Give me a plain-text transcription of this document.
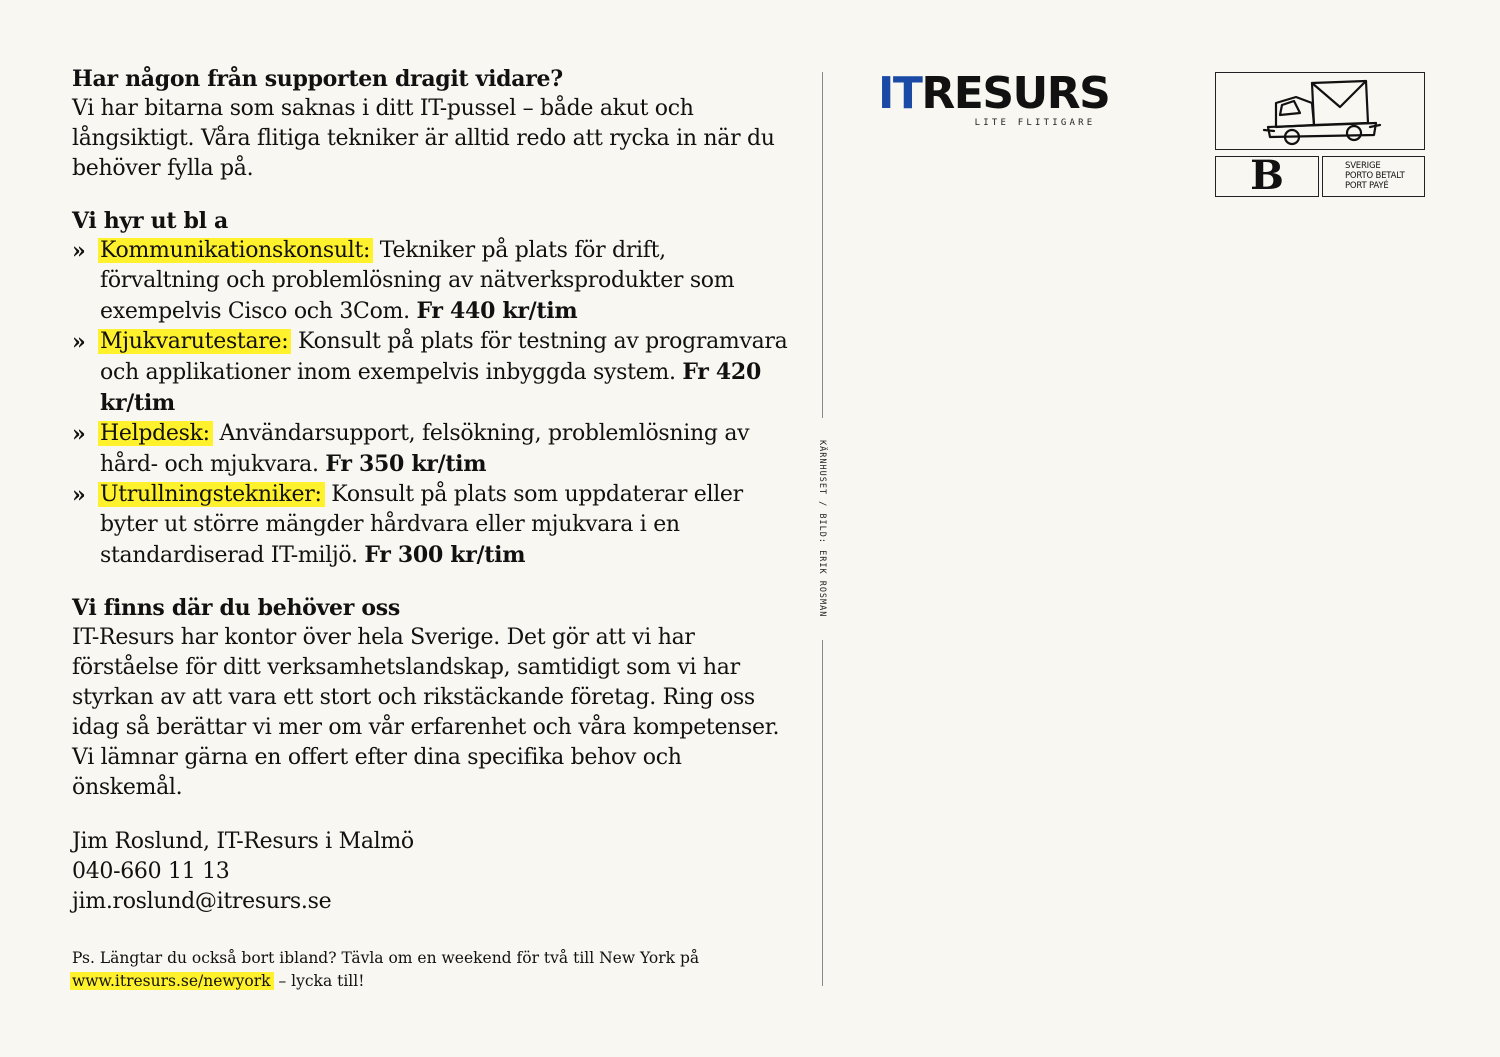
Har någon från supporten dragit vidare?

Vi har bitarna som saknas i ditt IT-pussel – både akut och långsiktigt. Våra flitiga tekniker är alltid redo att rycka in när du behöver fylla på.

Vi hyr ut bl a

» Kommunikationskonsult: Tekniker på plats för drift, förvaltning och problemlösning av nätverksprodukter som exempelvis Cisco och 3Com. Fr 440 kr/tim
» Mjukvarutestare: Konsult på plats för testning av programvara och applikationer inom exempelvis inbyggda system. Fr 420 kr/tim
» Helpdesk: Användarsupport, felsökning, problemlösning av hård- och mjukvara. Fr 350 kr/tim
» Utrullningstekniker: Konsult på plats som uppdaterar eller byter ut större mängder hårdvara eller mjukvara i en standardiserad IT-miljö. Fr 300 kr/tim

Vi finns där du behöver oss

IT-Resurs har kontor över hela Sverige. Det gör att vi har förståelse för ditt verksamhetslandskap, samtidigt som vi har styrkan av att vara ett stort och rikstäckande företag. Ring oss idag så berättar vi mer om vår erfarenhet och våra kompetenser. Vi lämnar gärna en offert efter dina specifika behov och önskemål.

Jim Roslund, IT-Resurs i Malmö
040-660 11 13
jim.roslund@itresurs.se
Ps. Längtar du också bort ibland? Tävla om en weekend för två till New York på
www.itresurs.se/newyork – lycka till!
KÄRNHUSET / BILD: ERIK ROSMAN
IT RESURS
LITE FLITIGARE
B	SVERIGE
PORTO BETALT
PORT PAYÉ
